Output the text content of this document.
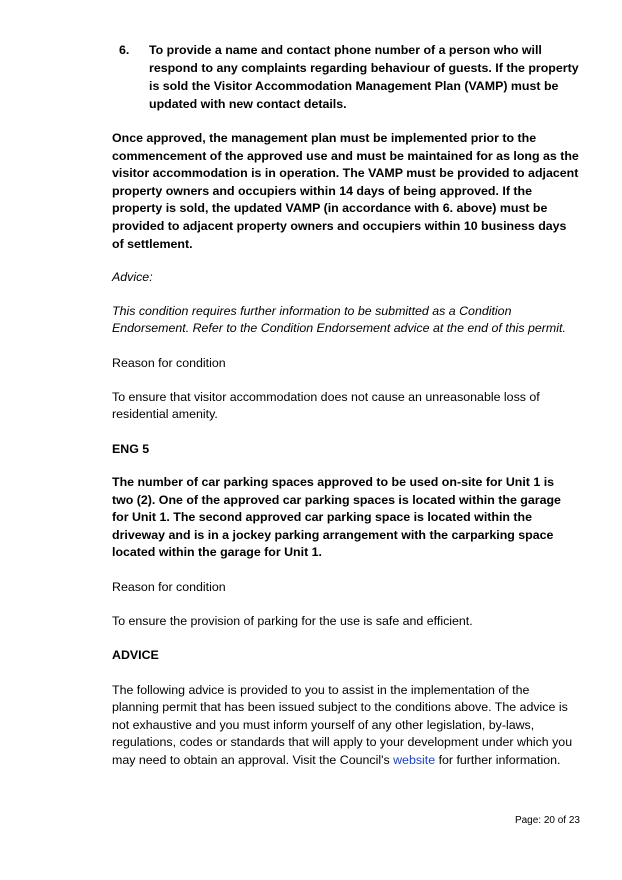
6. To provide a name and contact phone number of a person who will respond to any complaints regarding behaviour of guests. If the property is sold the Visitor Accommodation Management Plan (VAMP) must be updated with new contact details.

Once approved, the management plan must be implemented prior to the commencement of the approved use and must be maintained for as long as the visitor accommodation is in operation. The VAMP must be provided to adjacent property owners and occupiers within 14 days of being approved. If the property is sold, the updated VAMP (in accordance with 6. above) must be provided to adjacent property owners and occupiers within 10 business days of settlement.

Advice:

This condition requires further information to be submitted as a Condition Endorsement. Refer to the Condition Endorsement advice at the end of this permit.

Reason for condition

To ensure that visitor accommodation does not cause an unreasonable loss of residential amenity.

ENG 5

The number of car parking spaces approved to be used on-site for Unit 1 is two (2). One of the approved car parking spaces is located within the garage for Unit 1. The second approved car parking space is located within the driveway and is in a jockey parking arrangement with the carparking space located within the garage for Unit 1.

Reason for condition

To ensure the provision of parking for the use is safe and efficient.

ADVICE

The following advice is provided to you to assist in the implementation of the planning permit that has been issued subject to the conditions above. The advice is not exhaustive and you must inform yourself of any other legislation, by-laws, regulations, codes or standards that will apply to your development under which you may need to obtain an approval. Visit the Council's website for further information.

Page: 20 of 23
